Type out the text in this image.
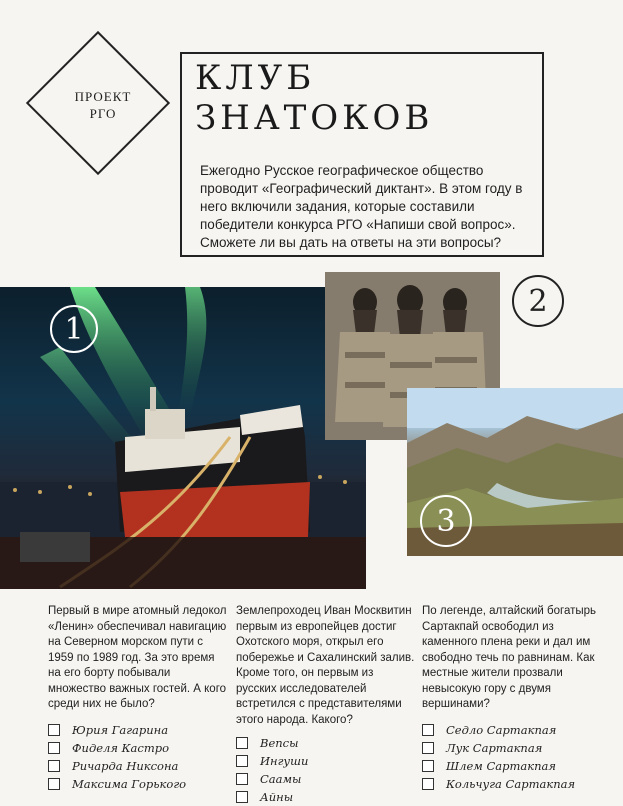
ПРОЕКТ
РГО
КЛУБ
ЗНАТОКОВ
Ежегодно Русское географическое общество проводит «Географический диктант». В этом году в него включили задания, которые составили победители конкурса РГО «Напиши свой вопрос». Сможете ли вы дать на ответы на эти вопросы?
1
2
3
Первый в мире атомный ледокол «Ленин» обеспечивал навигацию на Северном морском пути с 1959 по 1989 год. За это время на его борту побывали множество важных гостей. А кого среди них не было?
Юрия Гагарина
Фиделя Кастро
Ричарда Никсона
Максима Горького
Землепроходец Иван Москвитин первым из европейцев достиг Охотского моря, открыл его побережье и Сахалинский залив. Кроме того, он первым из русских исследователей встретился с представителями этого народа. Какого?
Вепсы
Ингуши
Саамы
Айны
По легенде, алтайский богатырь Сартакпай освободил из каменного плена реки и дал им свободно течь по равнинам. Как местные жители прозвали невысокую гору с двумя вершинами?
Седло Сартакпая
Лук Сартакпая
Шлем Сартакпая
Кольчуга Сартакпая
